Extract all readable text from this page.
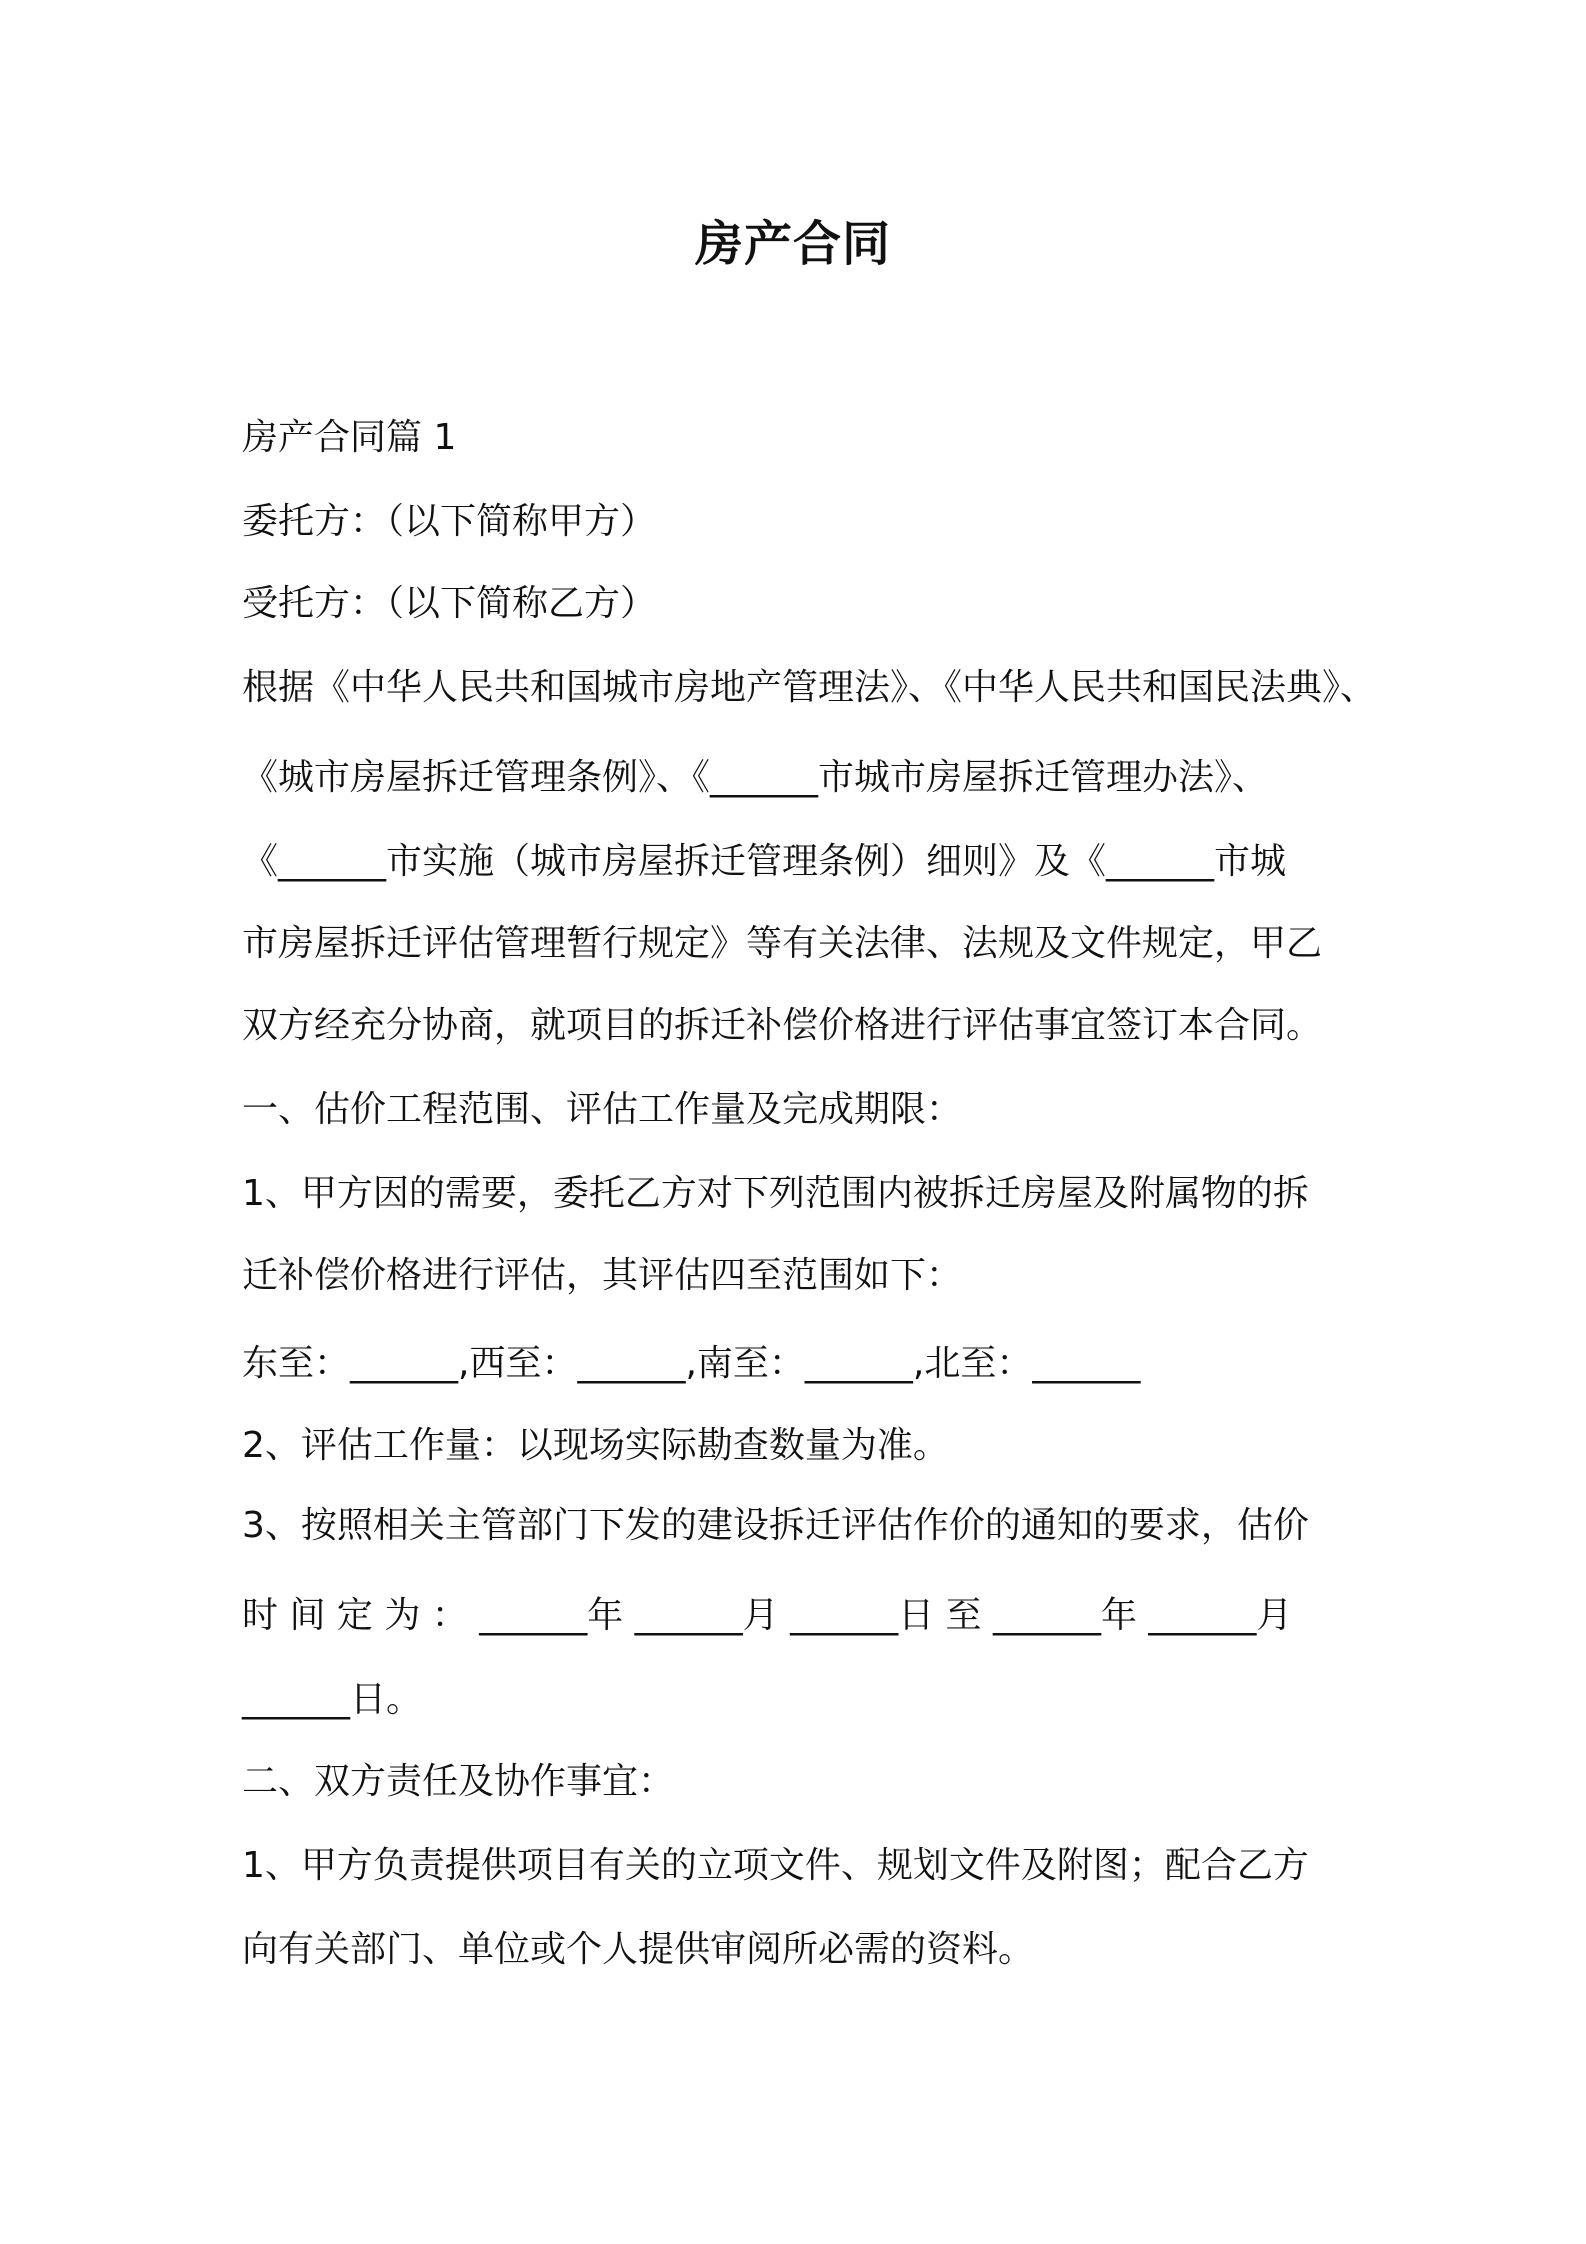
房产合同
房产合同篇 1
委托方：（以下简称甲方）
受托方：（以下简称乙方）
根据《中华人民共和国城市房地产管理法》、《中华人民共和国民法典》、
《城市房屋拆迁管理条例》、《______市城市房屋拆迁管理办法》、
《______市实施（城市房屋拆迁管理条例）细则》及《______市城
市房屋拆迁评估管理暂行规定》等有关法律、法规及文件规定，甲乙
双方经充分协商，就项目的拆迁补偿价格进行评估事宜签订本合同。
一、估价工程范围、评估工作量及完成期限：
1、甲方因的需要，委托乙方对下列范围内被拆迁房屋及附属物的拆
迁补偿价格进行评估，其评估四至范围如下：
东至：______,西至：______,南至：______,北至：______
2、评估工作量：以现场实际勘查数量为准。
3、按照相关主管部门下发的建设拆迁评估作价的通知的要求，估价
时 间 定 为 ： ______年 ______月 ______日 至 ______年 ______月
______日。
二、双方责任及协作事宜：
1、甲方负责提供项目有关的立项文件、规划文件及附图；配合乙方
向有关部门、单位或个人提供审阅所必需的资料。
